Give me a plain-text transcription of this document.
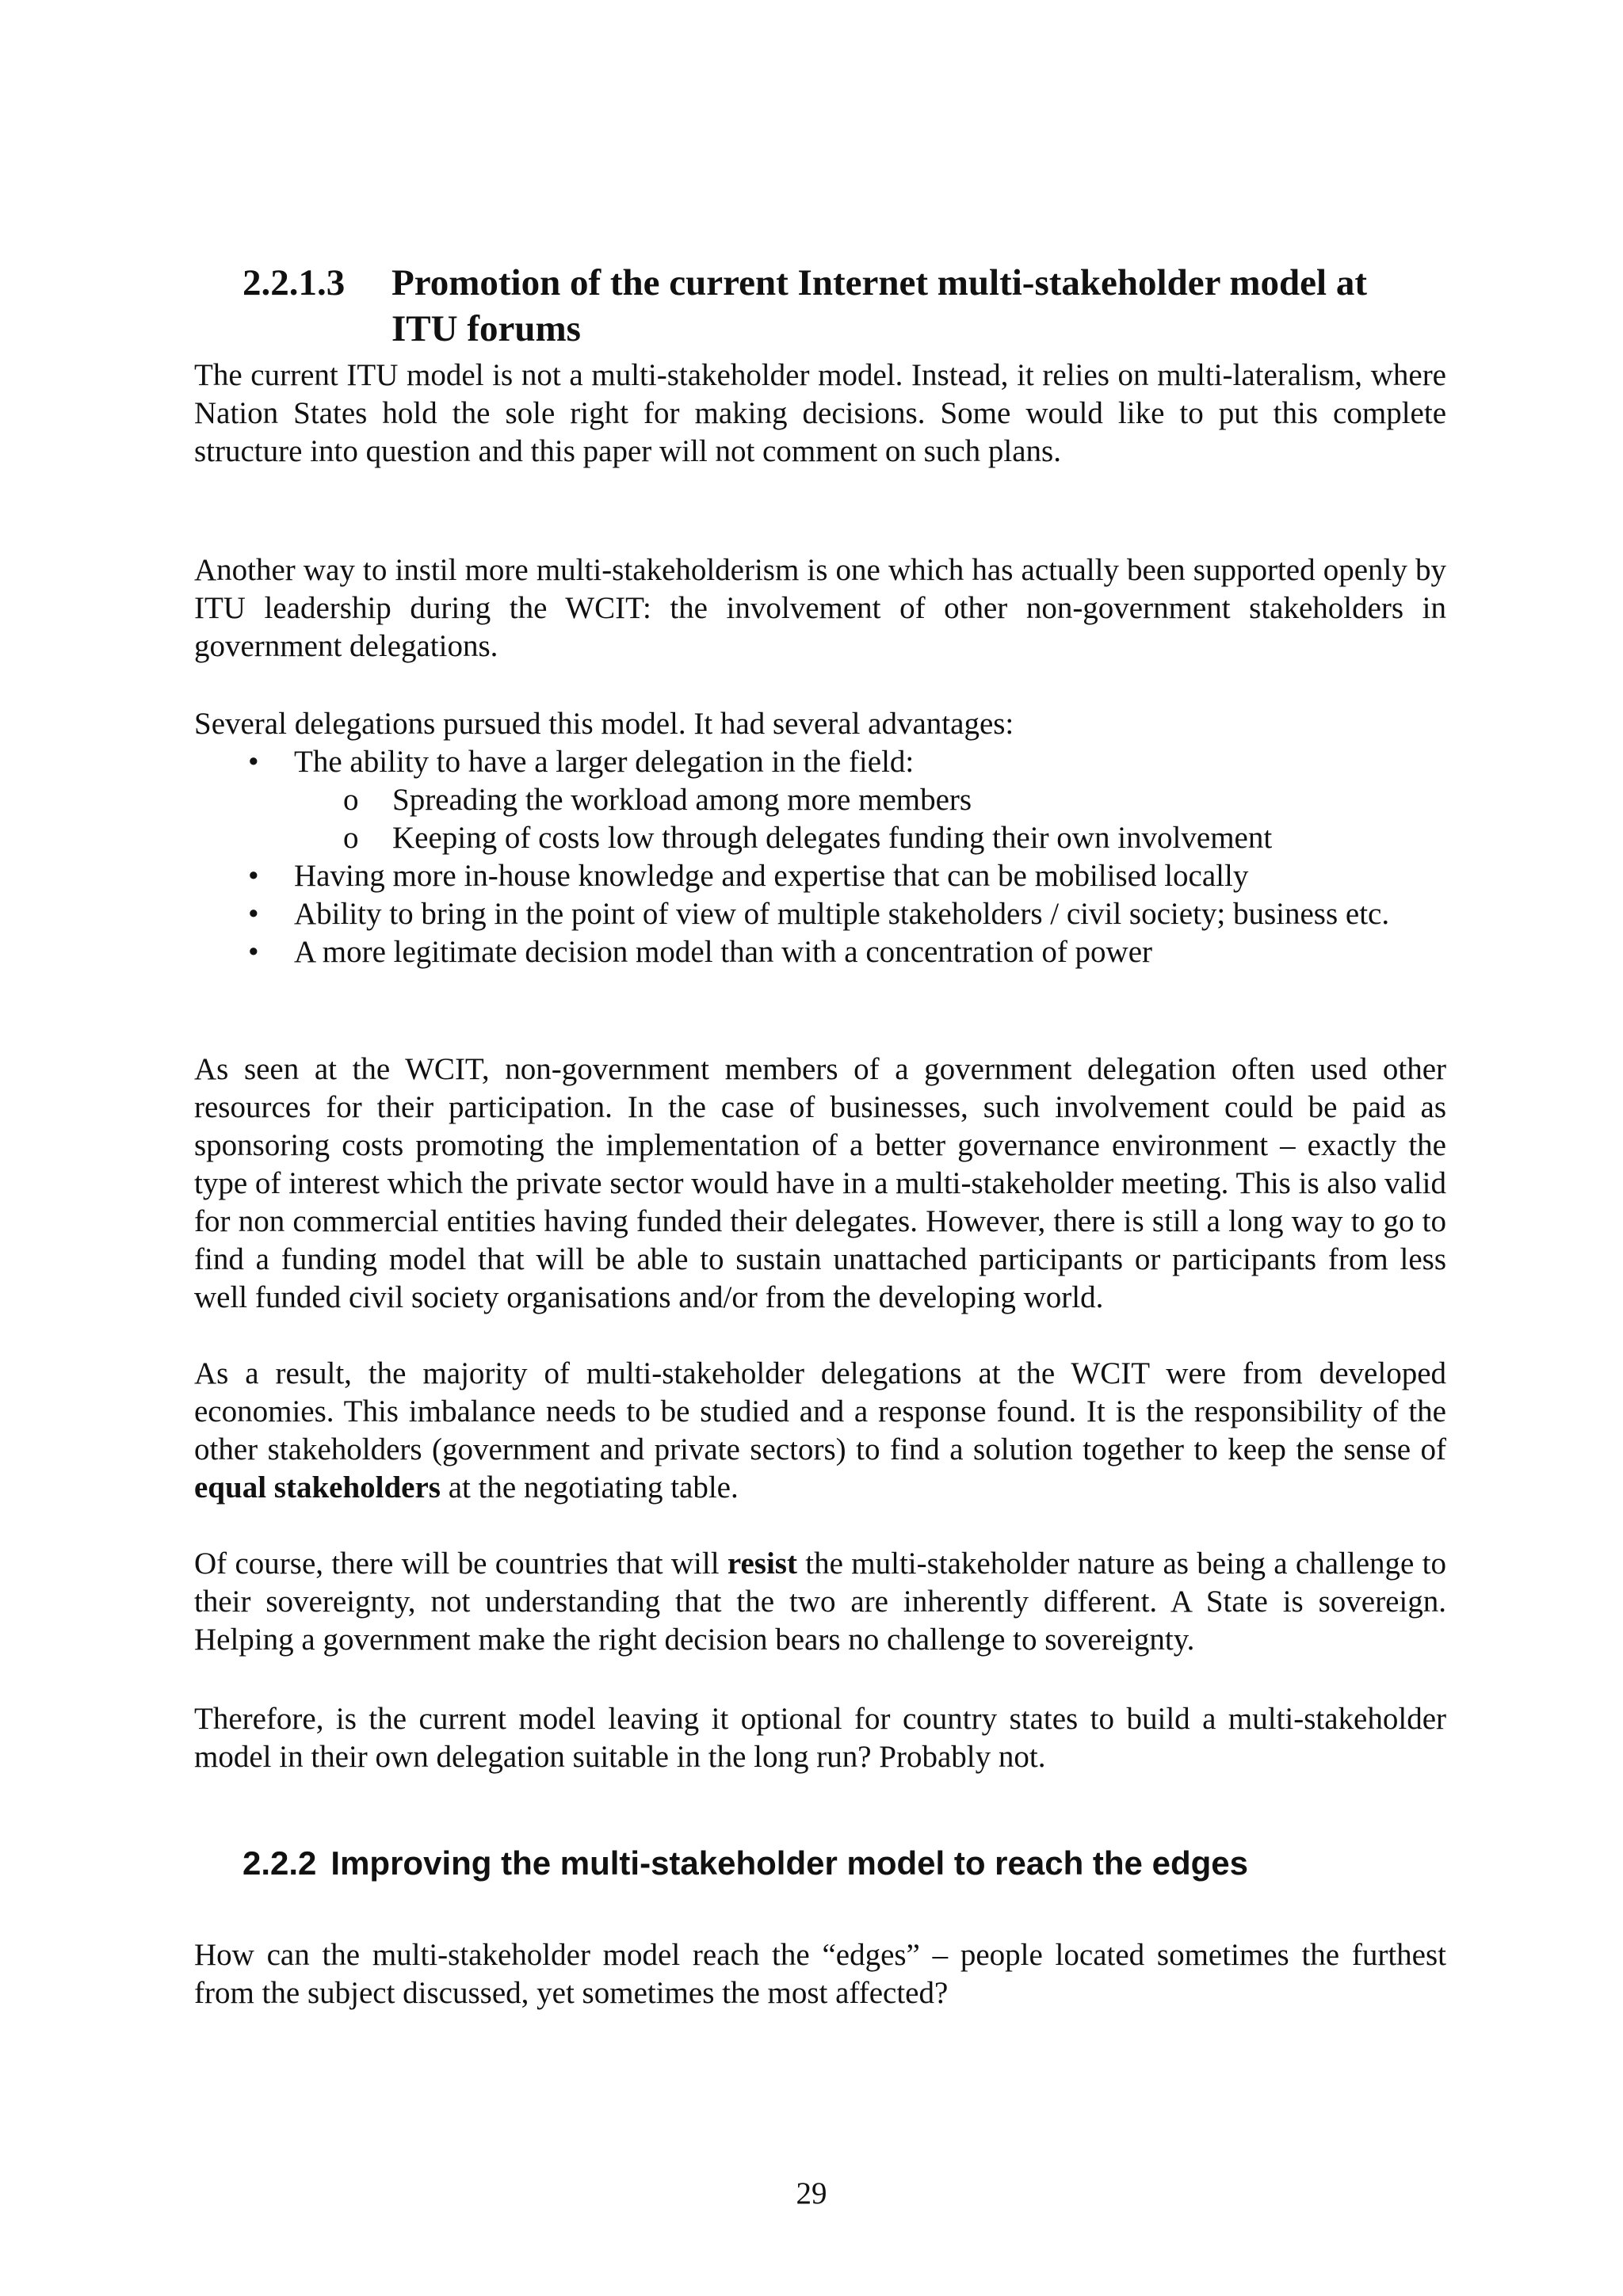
2.2.1.3 Promotion of the current Internet multi-stakeholder model at ITU forums

The current ITU model is not a multi-stakeholder model. Instead, it relies on multi-lateralism, where Nation States hold the sole right for making decisions. Some would like to put this complete structure into question and this paper will not comment on such plans.

Another way to instil more multi-stakeholderism is one which has actually been supported openly by ITU leadership during the WCIT: the involvement of other non-government stakeholders in government delegations.

Several delegations pursued this model. It had several advantages:

• The ability to have a larger delegation in the field:
o Spreading the workload among more members
o Keeping of costs low through delegates funding their own involvement
• Having more in-house knowledge and expertise that can be mobilised locally
• Ability to bring in the point of view of multiple stakeholders / civil society; business etc.
• A more legitimate decision model than with a concentration of power

As seen at the WCIT, non-government members of a government delegation often used other resources for their participation. In the case of businesses, such involvement could be paid as sponsoring costs promoting the implementation of a better governance environment – exactly the type of interest which the private sector would have in a multi-stakeholder meeting. This is also valid for non commercial entities having funded their delegates. However, there is still a long way to go to find a funding model that will be able to sustain unattached participants or participants from less well funded civil society organisations and/or from the developing world.

As a result, the majority of multi-stakeholder delegations at the WCIT were from developed economies. This imbalance needs to be studied and a response found. It is the responsibility of the other stakeholders (government and private sectors) to find a solution together to keep the sense of equal stakeholders at the negotiating table.

Of course, there will be countries that will resist the multi-stakeholder nature as being a challenge to their sovereignty, not understanding that the two are inherently different. A State is sovereign. Helping a government make the right decision bears no challenge to sovereignty.

Therefore, is the current model leaving it optional for country states to build a multi-stakeholder model in their own delegation suitable in the long run? Probably not.

2.2.2 Improving the multi-stakeholder model to reach the edges

How can the multi-stakeholder model reach the “edges” – people located sometimes the furthest from the subject discussed, yet sometimes the most affected?

29
